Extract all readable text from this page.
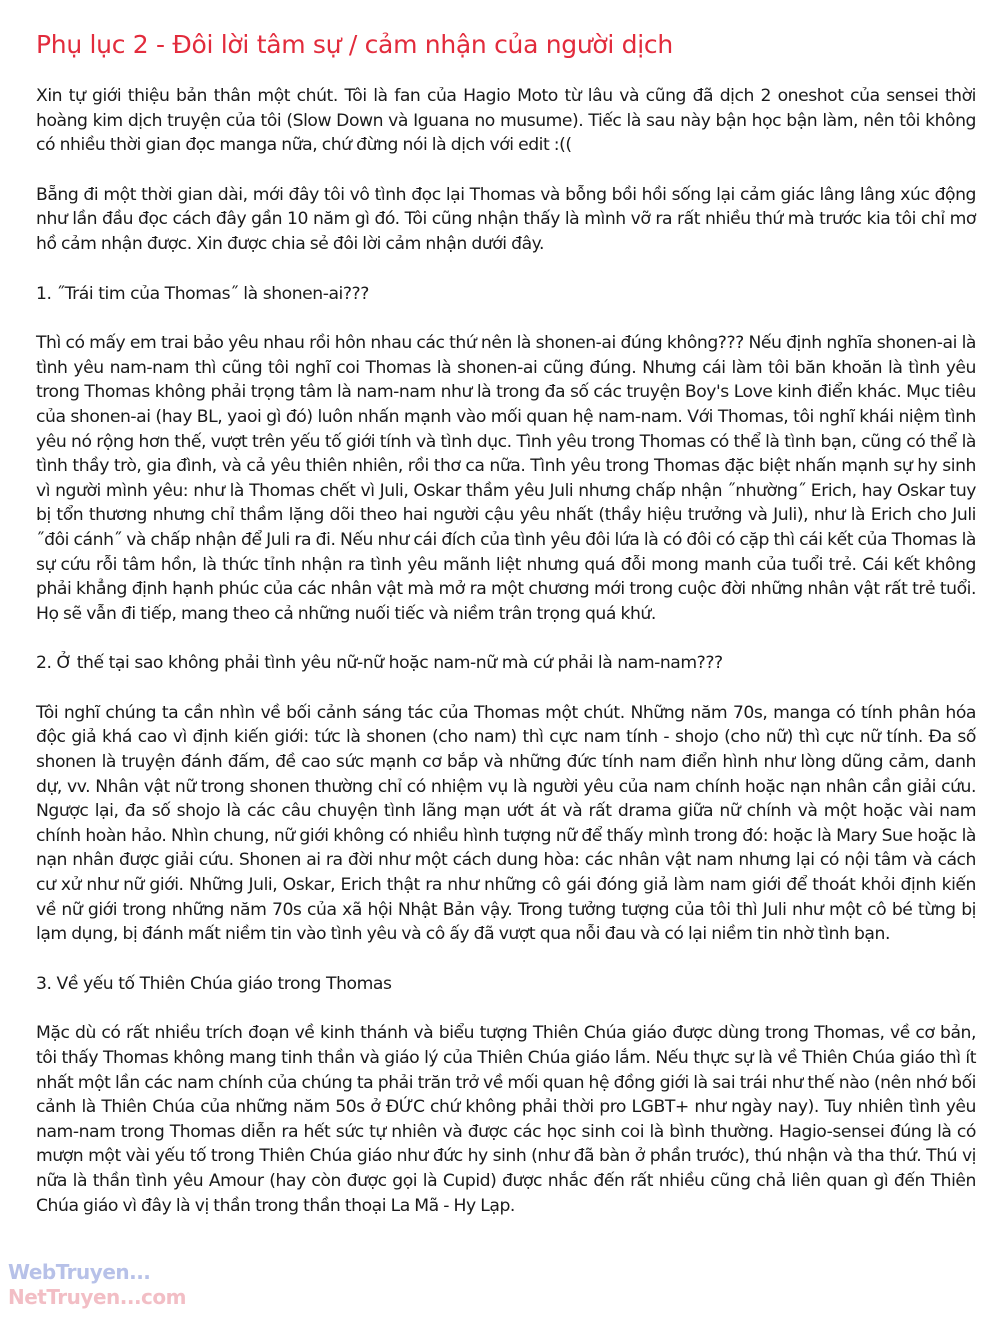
Phụ lục 2 - Đôi lời tâm sự / cảm nhận của người dịch

Xin tự giới thiệu bản thân một chút. Tôi là fan của Hagio Moto từ lâu và cũng đã dịch 2 oneshot của sensei thời hoàng kim dịch truyện của tôi (Slow Down và Iguana no musume). Tiếc là sau này bận học bận làm, nên tôi không có nhiều thời gian đọc manga nữa, chứ đừng nói là dịch với edit :((

Bẵng đi một thời gian dài, mới đây tôi vô tình đọc lại Thomas và bỗng bồi hồi sống lại cảm giác lâng lâng xúc động như lần đầu đọc cách đây gần 10 năm gì đó. Tôi cũng nhận thấy là mình vỡ ra rất nhiều thứ mà trước kia tôi chỉ mơ hồ cảm nhận được. Xin được chia sẻ đôi lời cảm nhận dưới đây.

1. ˝Trái tim của Thomas˝ là shonen-ai???

Thì có mấy em trai bảo yêu nhau rồi hôn nhau các thứ nên là shonen-ai đúng không??? Nếu định nghĩa shonen-ai là tình yêu nam-nam thì cũng tôi nghĩ coi Thomas là shonen-ai cũng đúng. Nhưng cái làm tôi băn khoăn là tình yêu trong Thomas không phải trọng tâm là nam-nam như là trong đa số các truyện Boy's Love kinh điển khác. Mục tiêu của shonen-ai (hay BL, yaoi gì đó) luôn nhấn mạnh vào mối quan hệ nam-nam. Với Thomas, tôi nghĩ khái niệm tình yêu nó rộng hơn thế, vượt trên yếu tố giới tính và tình dục. Tình yêu trong Thomas có thể là tình bạn, cũng có thể là tình thầy trò, gia đình, và cả yêu thiên nhiên, rồi thơ ca nữa. Tình yêu trong Thomas đặc biệt nhấn mạnh sự hy sinh vì người mình yêu: như là Thomas chết vì Juli, Oskar thầm yêu Juli nhưng chấp nhận ˝nhường˝ Erich, hay Oskar tuy bị tổn thương nhưng chỉ thầm lặng dõi theo hai người cậu yêu nhất (thầy hiệu trưởng và Juli), như là Erich cho Juli ˝đôi cánh˝ và chấp nhận để Juli ra đi. Nếu như cái đích của tình yêu đôi lứa là có đôi có cặp thì cái kết của Thomas là sự cứu rỗi tâm hồn, là thức tỉnh nhận ra tình yêu mãnh liệt nhưng quá đỗi mong manh của tuổi trẻ. Cái kết không phải khẳng định hạnh phúc của các nhân vật mà mở ra một chương mới trong cuộc đời những nhân vật rất trẻ tuổi. Họ sẽ vẫn đi tiếp, mang theo cả những nuối tiếc và niềm trân trọng quá khứ.

2. Ở thế tại sao không phải tình yêu nữ-nữ hoặc nam-nữ mà cứ phải là nam-nam???

Tôi nghĩ chúng ta cần nhìn về bối cảnh sáng tác của Thomas một chút. Những năm 70s, manga có tính phân hóa độc giả khá cao vì định kiến giới: tức là shonen (cho nam) thì cực nam tính - shojo (cho nữ) thì cực nữ tính. Đa số shonen là truyện đánh đấm, đề cao sức mạnh cơ bắp và những đức tính nam điển hình như lòng dũng cảm, danh dự, vv. Nhân vật nữ trong shonen thường chỉ có nhiệm vụ là người yêu của nam chính hoặc nạn nhân cần giải cứu. Ngược lại, đa số shojo là các câu chuyện tình lãng mạn ướt át và rất drama giữa nữ chính và một hoặc vài nam chính hoàn hảo. Nhìn chung, nữ giới không có nhiều hình tượng nữ để thấy mình trong đó: hoặc là Mary Sue hoặc là nạn nhân được giải cứu. Shonen ai ra đời như một cách dung hòa: các nhân vật nam nhưng lại có nội tâm và cách cư xử như nữ giới. Những Juli, Oskar, Erich thật ra như những cô gái đóng giả làm nam giới để thoát khỏi định kiến về nữ giới trong những năm 70s của xã hội Nhật Bản vậy. Trong tưởng tượng của tôi thì Juli như một cô bé từng bị lạm dụng, bị đánh mất niềm tin vào tình yêu và cô ấy đã vượt qua nỗi đau và có lại niềm tin nhờ tình bạn.

3. Về yếu tố Thiên Chúa giáo trong Thomas

Mặc dù có rất nhiều trích đoạn về kinh thánh và biểu tượng Thiên Chúa giáo được dùng trong Thomas, về cơ bản, tôi thấy Thomas không mang tinh thần và giáo lý của Thiên Chúa giáo lắm. Nếu thực sự là về Thiên Chúa giáo thì ít nhất một lần các nam chính của chúng ta phải trăn trở về mối quan hệ đồng giới là sai trái như thế nào (nên nhớ bối cảnh là Thiên Chúa của những năm 50s ở ĐỨC chứ không phải thời pro LGBT+ như ngày nay). Tuy nhiên tình yêu nam-nam trong Thomas diễn ra hết sức tự nhiên và được các học sinh coi là bình thường. Hagio-sensei đúng là có mượn một vài yếu tố trong Thiên Chúa giáo như đức hy sinh (như đã bàn ở phần trước), thú nhận và tha thứ. Thú vị nữa là thần tình yêu Amour (hay còn được gọi là Cupid) được nhắc đến rất nhiều cũng chả liên quan gì đến Thiên Chúa giáo vì đây là vị thần trong thần thoại La Mã - Hy Lạp.

WebTruyen...
NetTruyen...com
